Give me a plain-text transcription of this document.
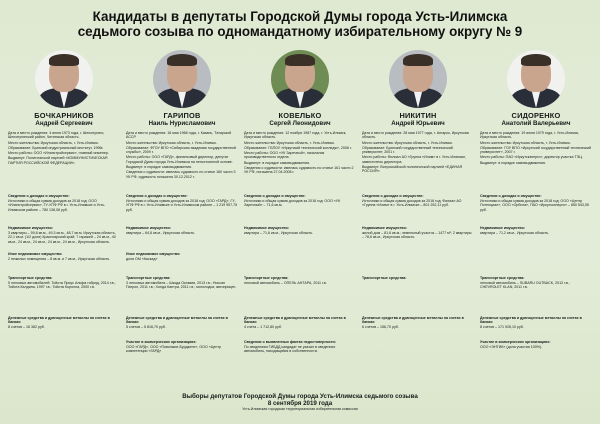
Кандидаты в депутаты Городской Думы города Усть-Илимска
седьмого созыва по одномандатному избирательному округу № 9
БОЧКАРНИКОВ
Андрей Сергеевич
Дата и место рождения: 4 июля 1973 года, г. Шелопугино, Шелопугинский район, Читинская область.
Место жительства: Иркутская область, г. Усть-Илимск.
Образование: Братский индустриальный институт, 1996г.
Место работы: ООО «Иланстройсервис», главный инженер.
Выдвинут: Политической партией «КОММУНИСТИЧЕСКАЯ ПАРТИЯ РОССИЙСКОЙ ФЕДЕРАЦИИ».
Сведения о доходах и имуществе:
Источники и общая сумма доходов за 2018 год: ООО «Иланстройсервис», ГУ-УПФ РФ в г. Усть-Илимске и Усть-Илимском районе – 780 138,08 руб.
Недвижимое имущество:
3 квартиры – 59,8 кв.м., 49,3 кв.м., 48,7 кв.м. Иркутская область, 22,1 кв.м. (1/2 доли) Красноярский край; 7 гаражей – 24 кв.м., 40 кв.м., 24 кв.м., 24 кв.м., 24 кв.м., 24 кв.м., Иркутская область.
Иное недвижимое имущество:
2 нежилых помещения – 8 кв.м. и 7 кв.м., Иркутская область.
Транспортные средства:
5 легковых автомобилей: Тойота Приус Альфа гибрид, 2014 г.в.; Тойота Калдина, 1997 г.в.; Тойота Королла, 2000 г.в.
Денежные средства и драгоценные металлы на счетах в банках:
8 счетов – 16 362 руб.
ГАРИПОВ
Наиль Нурисламович
Дата и место рождения: 16 мая 1966 года, г. Казань, Татарской АССР.
Место жительства: Иркутская область, г. Усть-Илимск.
Образование: ФГОУ ВПО «Сибирская академия государственной службы», 2009 г.
Место работы: ООО «ГАРД», финансовый директор, депутат Городской Думы города Усть-Илимска на непостоянной основе.
Выдвинут: в порядке самовыдвижения.
Сведения о судимости: имелась судимость по статье 160 части 3 УК РФ, судимость погашена 30.12.2012 г.
Сведения о доходах и имуществе:
Источники и общая сумма доходов за 2018 год: ООО «ГАРД», ГУ-УПФ РФ в г. Усть-Илимске и Усть-Илимском районе – 1 219 957,75 руб.
Недвижимое имущество:
квартира – 64,8 кв.м., Иркутская область.
Иное недвижимое имущество:
доля ОМ «Каскад»
Транспортные средства:
3 легковых автомобиля – Шкода Октавия, 2013 г.в.; Ниссан Патрол, 2011 г.в.; Хонда Кантра, 2011 г.в.; мотолодка; автоприцеп.
Денежные средства и драгоценные металлы на счетах в банках:
5 счетов – 5 816,70 руб.
Участие в коммерческих организациях:
ООО «ГАРД», ООО «Поволжие-Бурджеэт», ООО «Центр компетенции «ГАРД»
КОВЕЛЬКО
Сергей Леонидович
Дата и место рождения: 12 ноября 1987 года, г. Усть-Илимск, Иркутская область.
Место жительства: Иркутская область, г. Усть-Илимск.
Образование: ГБПОУ «Иркутский технический колледж», 2006 г.
Место работы: ООО «УК Заречный», начальник производственного отдела.
Выдвинут: в порядке самовыдвижения.
Сведения о судимости: имелась судимость по статье 161 части 2 УК РФ, погашена 27.04.2008 г.
Сведения о доходах и имуществе:
Источники и общая сумма доходов за 2018 год: ООО «УК Заречный» – 71,6 кв.м.
Недвижимое имущество:
квартира – 71,6 кв.м., Иркутская область.
Транспортные средства:
легковой автомобиль – ОПЕЛЬ АНТАРА, 2011 г.в.
Денежные средства и драгоценные металлы на счетах в банках:
4 счета – 1 712,80 руб.
Сведения о выявленных фактах недостоверности:
По сведениям ГИБДД кандидат не указал в сведениях автомобиль, находящийся в собственности.
НИКИТИН
Андрей Юрьевич
Дата и место рождения: 28 мая 1977 года, г. Ангарск, Иркутская область.
Место жительства: Иркутская область, г. Усть-Илимск.
Образование: Братский государственный технический университет, 2001 г.
Место работы: Филиал АО «Группа «Илим» в г. Усть-Илимске, заместитель директора.
Выдвинут: Всероссийской политической партией «ЕДИНАЯ РОССИЯ».
Сведения о доходах и имуществе:
Источники и общая сумма доходов за 2018 год: Филиал АО «Группа «Илим» в г. Усть-Илимске – 801 252,11 руб.
Недвижимое имущество:
жилой дом – 81,6 кв.м.; земельный участок – 1477 м²; 2 квартиры – 78,6 кв.м., Иркутская область.
Транспортные средства:
Денежные средства и драгоценные металлы на счетах в банках:
6 счетов – 156,70 руб.
СИДОРЕНКО
Анатолий Валерьевич
Дата и место рождения: 19 июля 1979 года, г. Усть-Илимск, Иркутская область.
Место жительства: Иркутская область, г. Усть-Илимск.
Образование: ГОУ ВПО «Иркутский государственный технический университет», 2007 г.
Место работы: ПАО «Иркутскэнерго», директор участка ТЭЦ.
Выдвинут: в порядке самовыдвижения.
Сведения о доходах и имуществе:
Источники и общая сумма доходов за 2018 год: ООО «Центр Потенциал», ООО «Орбита», ПАО «Иркутскэнерго» – 850 543,05 руб.
Недвижимое имущество:
квартира – 71,2 кв.м., Иркутская область.
Транспортные средства:
легковой автомобиль – SUBARU OUTBACK, 2012 г.в., CHEVROLET KLAN, 2011 г.в.
Денежные средства и драгоценные металлы на счетах в банках:
8 счетов – 171 926,10 руб.
Участие в коммерческих организациях:
ООО «ЭНТИК» (доля участия 100%).
Выборы депутатов Городской Думы города Усть-Илимска седьмого созыва
8 сентября 2019 года
Усть-Илимская городская территориальная избирательная комиссия
